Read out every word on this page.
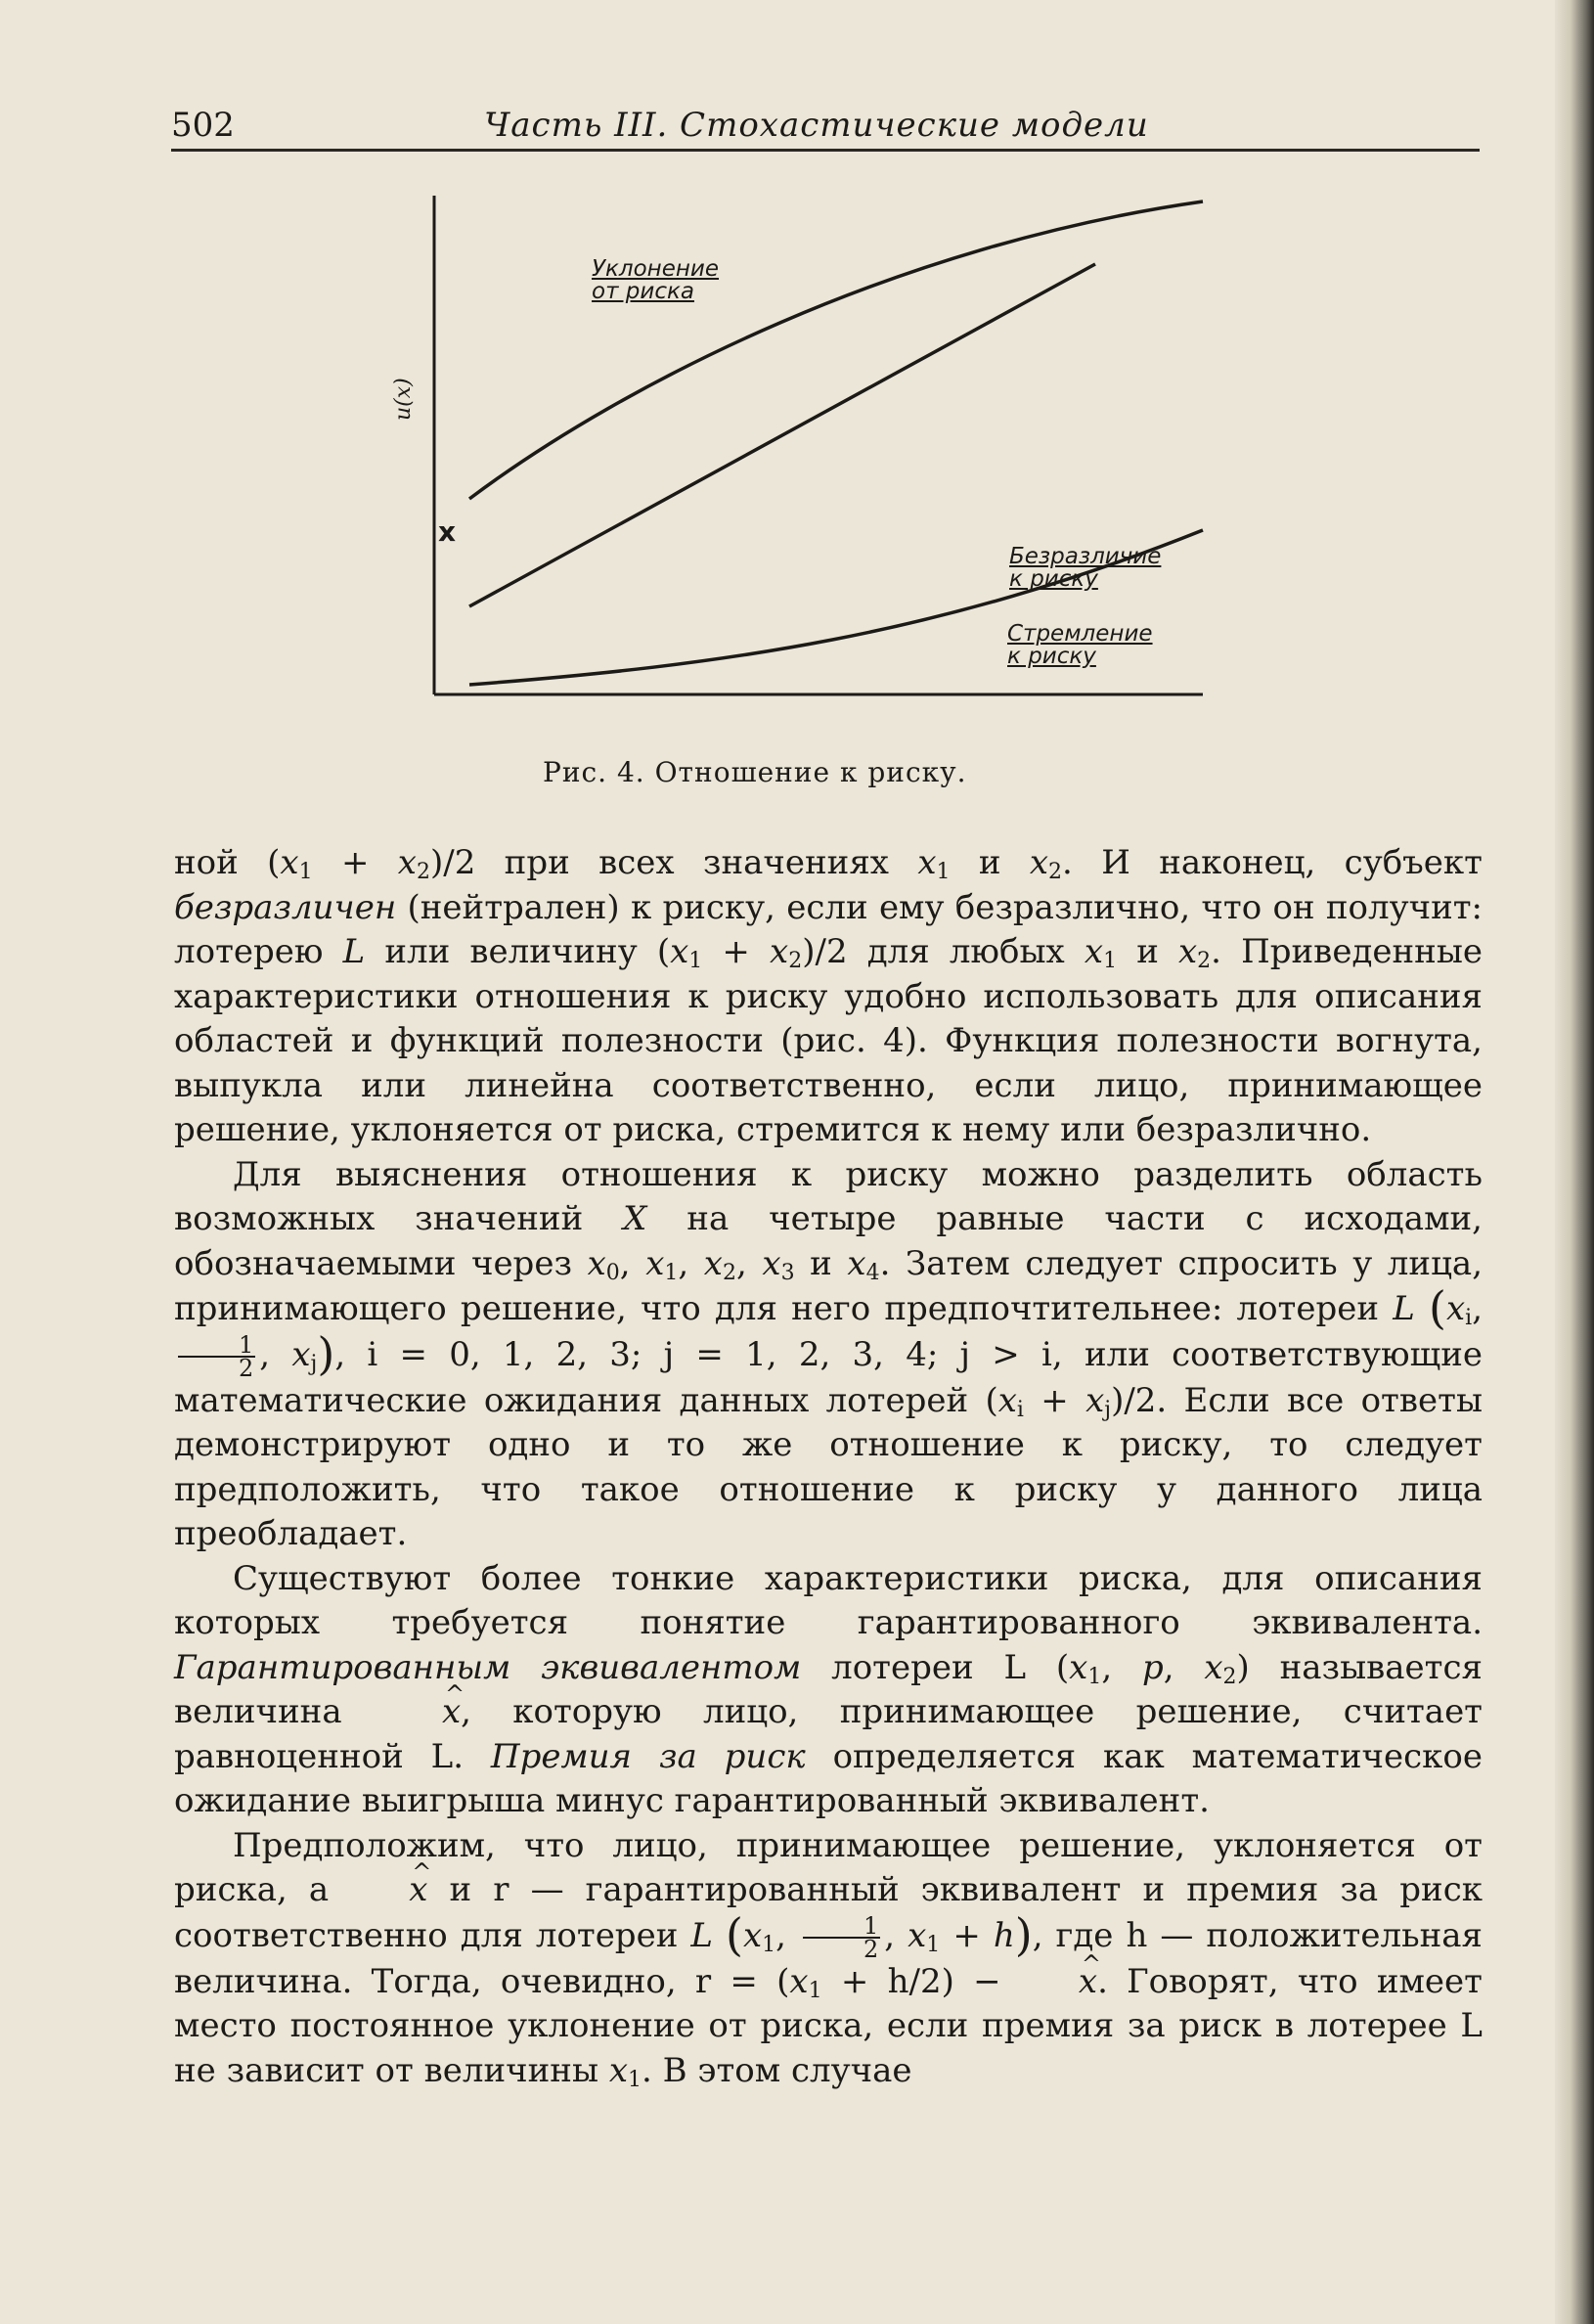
502	Часть III. Стохастические модели
Уклонение
от риска
Безразличие
к риску
Стремление
к риску
u(x)
x
Рис. 4. Отношение к риску.

ной $(x_1 + x_2)/2$ при всех значениях $x_1$ и $x_2$. И наконец, субъект безразличен (нейтрален) к риску, если ему безразлично, что он получит: лотерею L или величину $(x_1 + x_2)/2$ для любых $x_1$ и $x_2$. Приведенные характеристики отношения к риску удобно использовать для описания областей и функций полезности (рис. 4). Функция полезности вогнута, выпукла или линейна соответственно, если лицо, принимающее решение, уклоняется от риска, стремится к нему или безразлично.

Для выяснения отношения к риску можно разделить область возможных значений X на четыре равные части с исходами, обозначаемыми через $x_0$, $x_1$, $x_2$, $x_3$ и $x_4$. Затем следует спросить у лица, принимающего решение, что для него предпочтительнее: лотереи L ($x_i$,
$\frac{1}{2}$ , $x_j$), i = 0, 1, 2, 3; j = 1, 2, 3, 4; j > i, или соответствующие математические ожидания данных лотерей $(x_i + x_j)/2$. Если все ответы демонстрируют одно и то же отношение к риску, то следует предположить, что такое отношение к риску у данного лица преобладает.

Существуют более тонкие характеристики риска, для описания которых требуется понятие гарантированного эквивалента. Гарантированным эквивалентом лотереи L ($x_1$, p, $x_2$) называется величина ^ x, которую лицо, принимающее решение, считает равноценной L. Премия за риск определяется как математическое ожидание выигрыша минус гарантированный эквивалент.

Предположим, что лицо, принимающее решение, уклоняется от риска, а ^ x и r — гарантированный эквивалент и премия за риск соответственно для лотереи L ($x_1$, $\frac{1}{2}$ , $x_1 + h$), где h — положительная величина. Тогда, очевидно, $r = (x_1 + h/2)$ − ^ x. Говорят, что имеет место постоянное уклонение от риска, если премия за риск в лотерее L не зависит от величины $x_1$. В этом случае
